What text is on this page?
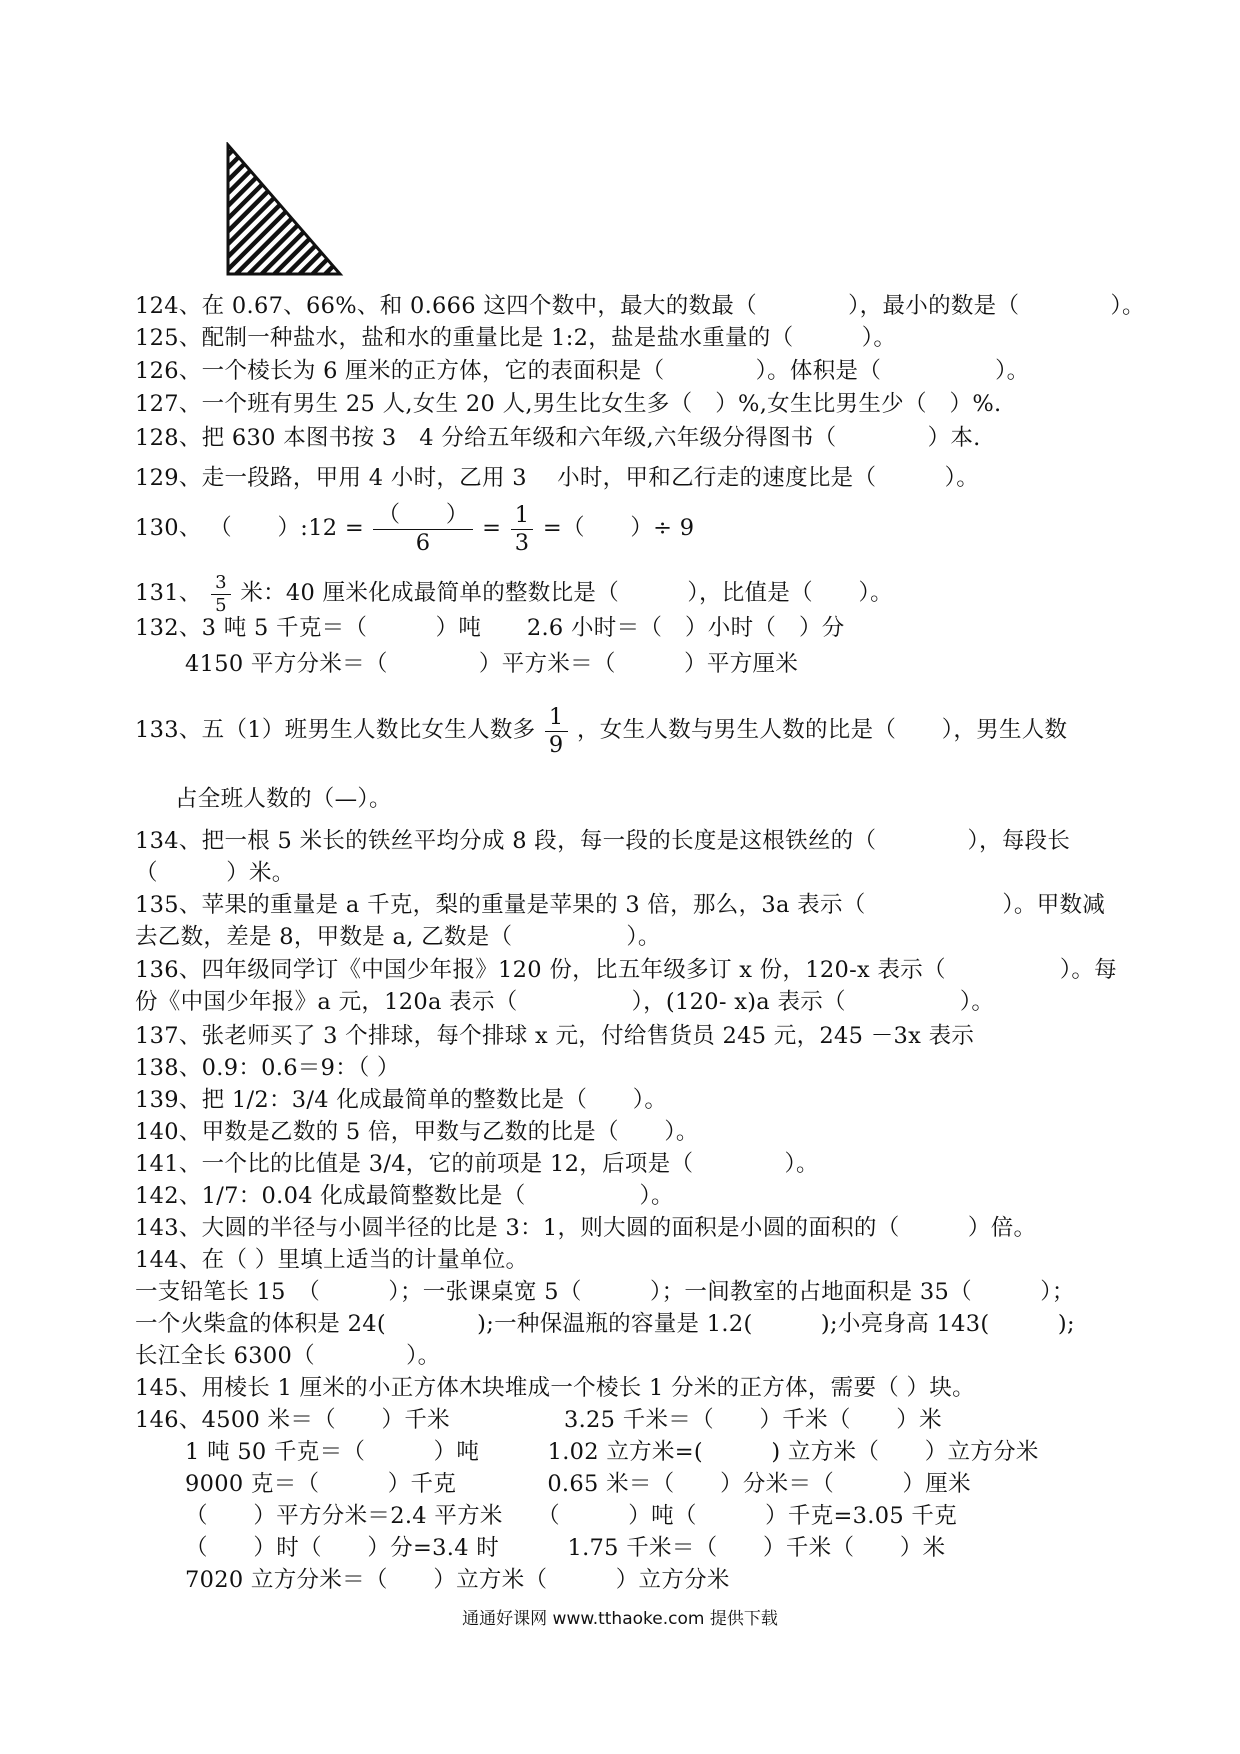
124、在 0.67、66%、和 0.666 这四个数中，最大的数最（　　　　），最小的数是（　　　　）。
125、配制一种盐水，盐和水的重量比是 1:2，盐是盐水重量的（　　　）。
126、一个棱长为 6 厘米的正方体，它的表面积是（　　　　）。体积是（　　　　　）。
127、一个班有男生 25 人,女生 20 人,男生比女生多（　）%,女生比男生少（　）%.
128、把 630 本图书按 3　4 分给五年级和六年级,六年级分得图书（　　　　）本.
129、走一段路，甲用 4 小时，乙用 3　 小时，甲和乙行走的速度比是（　　　）。
130、 （　　）:12 = $\frac{( )}{6} = \frac{1}{3}$ =（　　）÷ 9
131、 $\frac{3}{5}$ 米：40 厘米化成最简单的整数比是（　　　），比值是（　　）。
132、3 吨 5 千克＝（　　　）吨　　2.6 小时＝（　）小时（　）分
4150 平方分米＝（　　　　）平方米＝（　　　）平方厘米
133、五（1）班男生人数比女生人数多 $\frac{1}{9}$ ，女生人数与男生人数的比是（　　），男生人数
占全班人数的（—）。
134、把一根 5 米长的铁丝平均分成 8 段，每一段的长度是这根铁丝的（　　　　），每段长（　　　）米。
135、苹果的重量是 a 千克，梨的重量是苹果的 3 倍，那么，3a 表示（　　　　　　）。甲数减去乙数，差是 8，甲数是 a, 乙数是（　　　　　）。
136、四年级同学订《中国少年报》120 份，比五年级多订 x 份，120-x 表示（　　　　　）。每份《中国少年报》a 元，120a 表示（　　　　　），(120- x)a 表示（　　　　　）。
137、张老师买了 3 个排球，每个排球 x 元，付给售货员 245 元，245 －3x 表示
138、0.9：0.6＝9：（ ）
139、把 1/2：3/4 化成最简单的整数比是（　　）。
140、甲数是乙数的 5 倍，甲数与乙数的比是（　　）。
141、一个比的比值是 3/4，它的前项是 12，后项是（　　　　）。
142、1/7：0.04 化成最简整数比是（　　　　　）。
143、大圆的半径与小圆半径的比是 3：1，则大圆的面积是小圆的面积的（　　　）倍。
144、在（ ）里填上适当的计量单位。
一支铅笔长 15　（　　　）；一张课桌宽 5（　　　）；一间教室的占地面积是 35（　　　）；
一个火柴盒的体积是 24(　　　　);一种保温瓶的容量是 1.2(　　　);小亮身高 143(　　　);
长江全长 6300（　　　　）。
145、用棱长 1 厘米的小正方体木块堆成一个棱长 1 分米的正方体，需要（ ）块。
146、4500 米＝（　　）千米　　　　　3.25 千米＝（　　）千米（　　）米
1 吨 50 千克＝（　　　）吨　　　1.02 立方米=(　　　) 立方米（　　）立方分米
9000 克＝（　　　）千克　　　　0.65 米＝（　　）分米＝（　　　）厘米
（　　）平方分米＝2.4 平方米　　（　　　）吨（　　　）千克=3.05 千克
（　　）时（　　）分=3.4 时　　　1.75 千米＝（　　）千米（　　）米
7020 立方分米＝（　　）立方米（　　　）立方分米
通通好课网 www.tthaoke.com 提供下载
